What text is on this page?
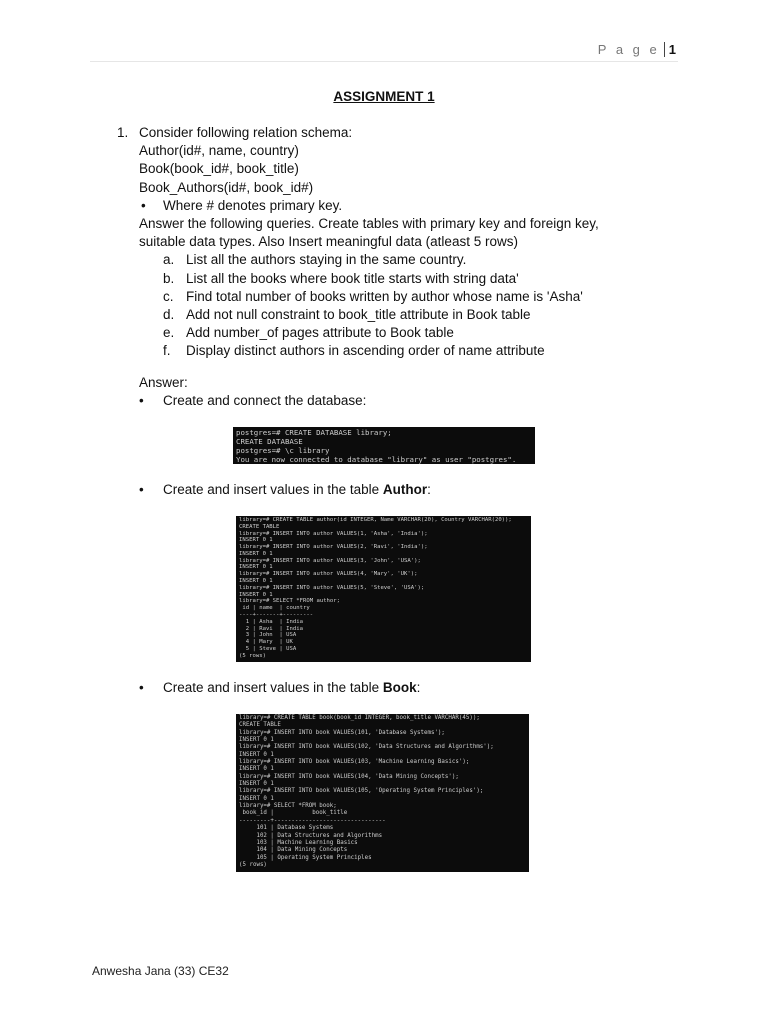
P a g e 1
ASSIGNMENT 1
1. Consider following relation schema:
Author(id#, name, country)
Book(book_id#, book_title)
Book_Authors(id#, book_id#)
• Where # denotes primary key.
Answer the following queries. Create tables with primary key and foreign key,
suitable data types. Also Insert meaningful data (atleast 5 rows)
a. List all the authors staying in the same country.
b. List all the books where book title starts with string data'
c. Find total number of books written by author whose name is 'Asha'
d. Add not null constraint to book_title attribute in Book table
e. Add number_of pages attribute to Book table
f. Display distinct authors in ascending order of name attribute
Answer:
• Create and connect the database:
postgres=# CREATE DATABASE library;
CREATE DATABASE
postgres=# \c library
You are now connected to database "library" as user "postgres".
• Create and insert values in the table Author:
library=# CREATE TABLE author(id INTEGER, Name VARCHAR(20), Country VARCHAR(20));
CREATE TABLE
library=# INSERT INTO author VALUES(1, 'Asha', 'India');
INSERT 0 1
library=# INSERT INTO author VALUES(2, 'Ravi', 'India');
INSERT 0 1
library=# INSERT INTO author VALUES(3, 'John', 'USA');
INSERT 0 1
library=# INSERT INTO author VALUES(4, 'Mary', 'UK');
INSERT 0 1
library=# INSERT INTO author VALUES(5, 'Steve', 'USA');
INSERT 0 1
library=# SELECT *FROM author;
id | name  | country
----+-------+---------
1 | Asha  | India
2 | Ravi  | India
3 | John  | USA
4 | Mary  | UK
5 | Steve | USA
(5 rows)
• Create and insert values in the table Book:
library=# CREATE TABLE book(book_id INTEGER, book_title VARCHAR(45));
CREATE TABLE
library=# INSERT INTO book VALUES(101, 'Database Systems');
INSERT 0 1
library=# INSERT INTO book VALUES(102, 'Data Structures and Algorithms');
INSERT 0 1
library=# INSERT INTO book VALUES(103, 'Machine Learning Basics');
INSERT 0 1
library=# INSERT INTO book VALUES(104, 'Data Mining Concepts');
INSERT 0 1
library=# INSERT INTO book VALUES(105, 'Operating System Principles');
INSERT 0 1
library=# SELECT *FROM book;
book_id |           book_title
---------+--------------------------------
101 | Database Systems
102 | Data Structures and Algorithms
103 | Machine Learning Basics
104 | Data Mining Concepts
105 | Operating System Principles
(5 rows)
Anwesha Jana (33) CE32
